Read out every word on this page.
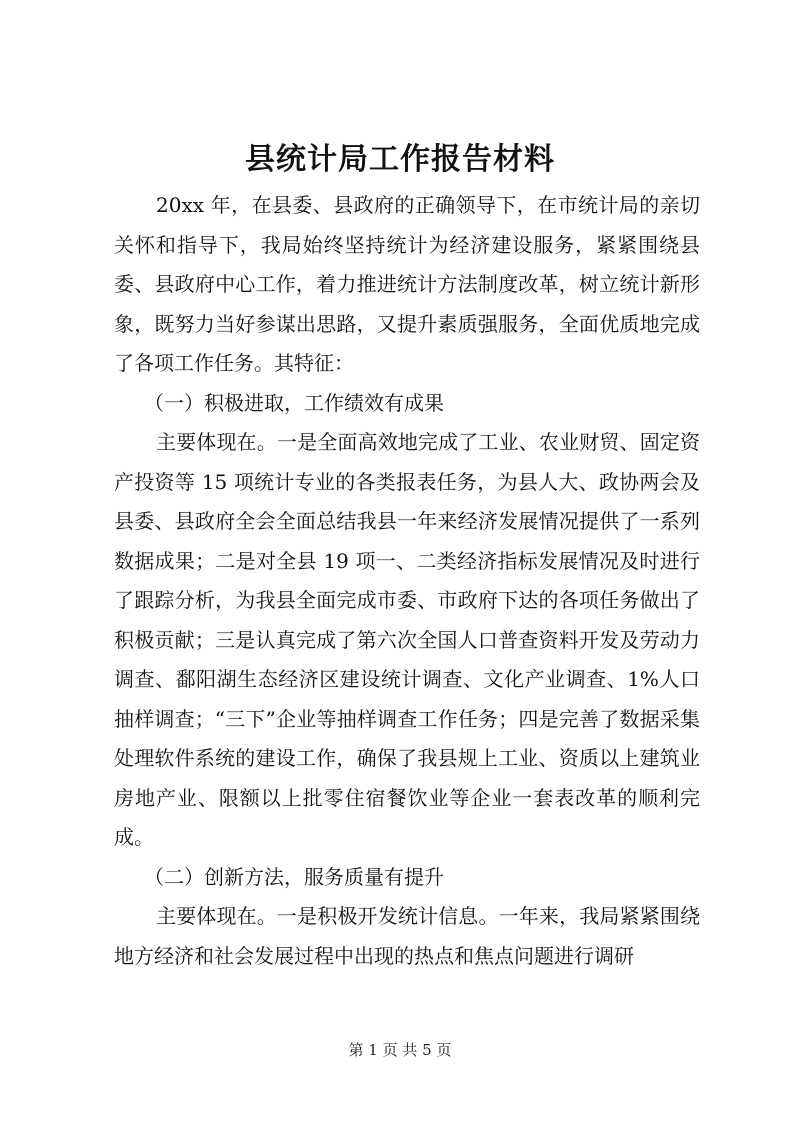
县统计局工作报告材料

20xx 年，在县委、县政府的正确领导下，在市统计局的亲切关怀和指导下，我局始终坚持统计为经济建设服务，紧紧围绕县委、县政府中心工作，着力推进统计方法制度改革，树立统计新形象，既努力当好参谋出思路，又提升素质强服务，全面优质地完成了各项工作任务。其特征：

（一）积极进取，工作绩效有成果

主要体现在。一是全面高效地完成了工业、农业财贸、固定资产投资等 15 项统计专业的各类报表任务，为县人大、政协两会及县委、县政府全会全面总结我县一年来经济发展情况提供了一系列数据成果；二是对全县 19 项一、二类经济指标发展情况及时进行了跟踪分析，为我县全面完成市委、市政府下达的各项任务做出了积极贡献；三是认真完成了第六次全国人口普查资料开发及劳动力调查、鄱阳湖生态经济区建设统计调查、文化产业调查、1%人口抽样调查；“三下”企业等抽样调查工作任务；四是完善了数据采集处理软件系统的建设工作，确保了我县规上工业、资质以上建筑业房地产业、限额以上批零住宿餐饮业等企业一套表改革的顺利完成。

（二）创新方法，服务质量有提升

主要体现在。一是积极开发统计信息。一年来，我局紧紧围绕地方经济和社会发展过程中出现的热点和焦点问题进行调研

第 1 页 共 5 页
